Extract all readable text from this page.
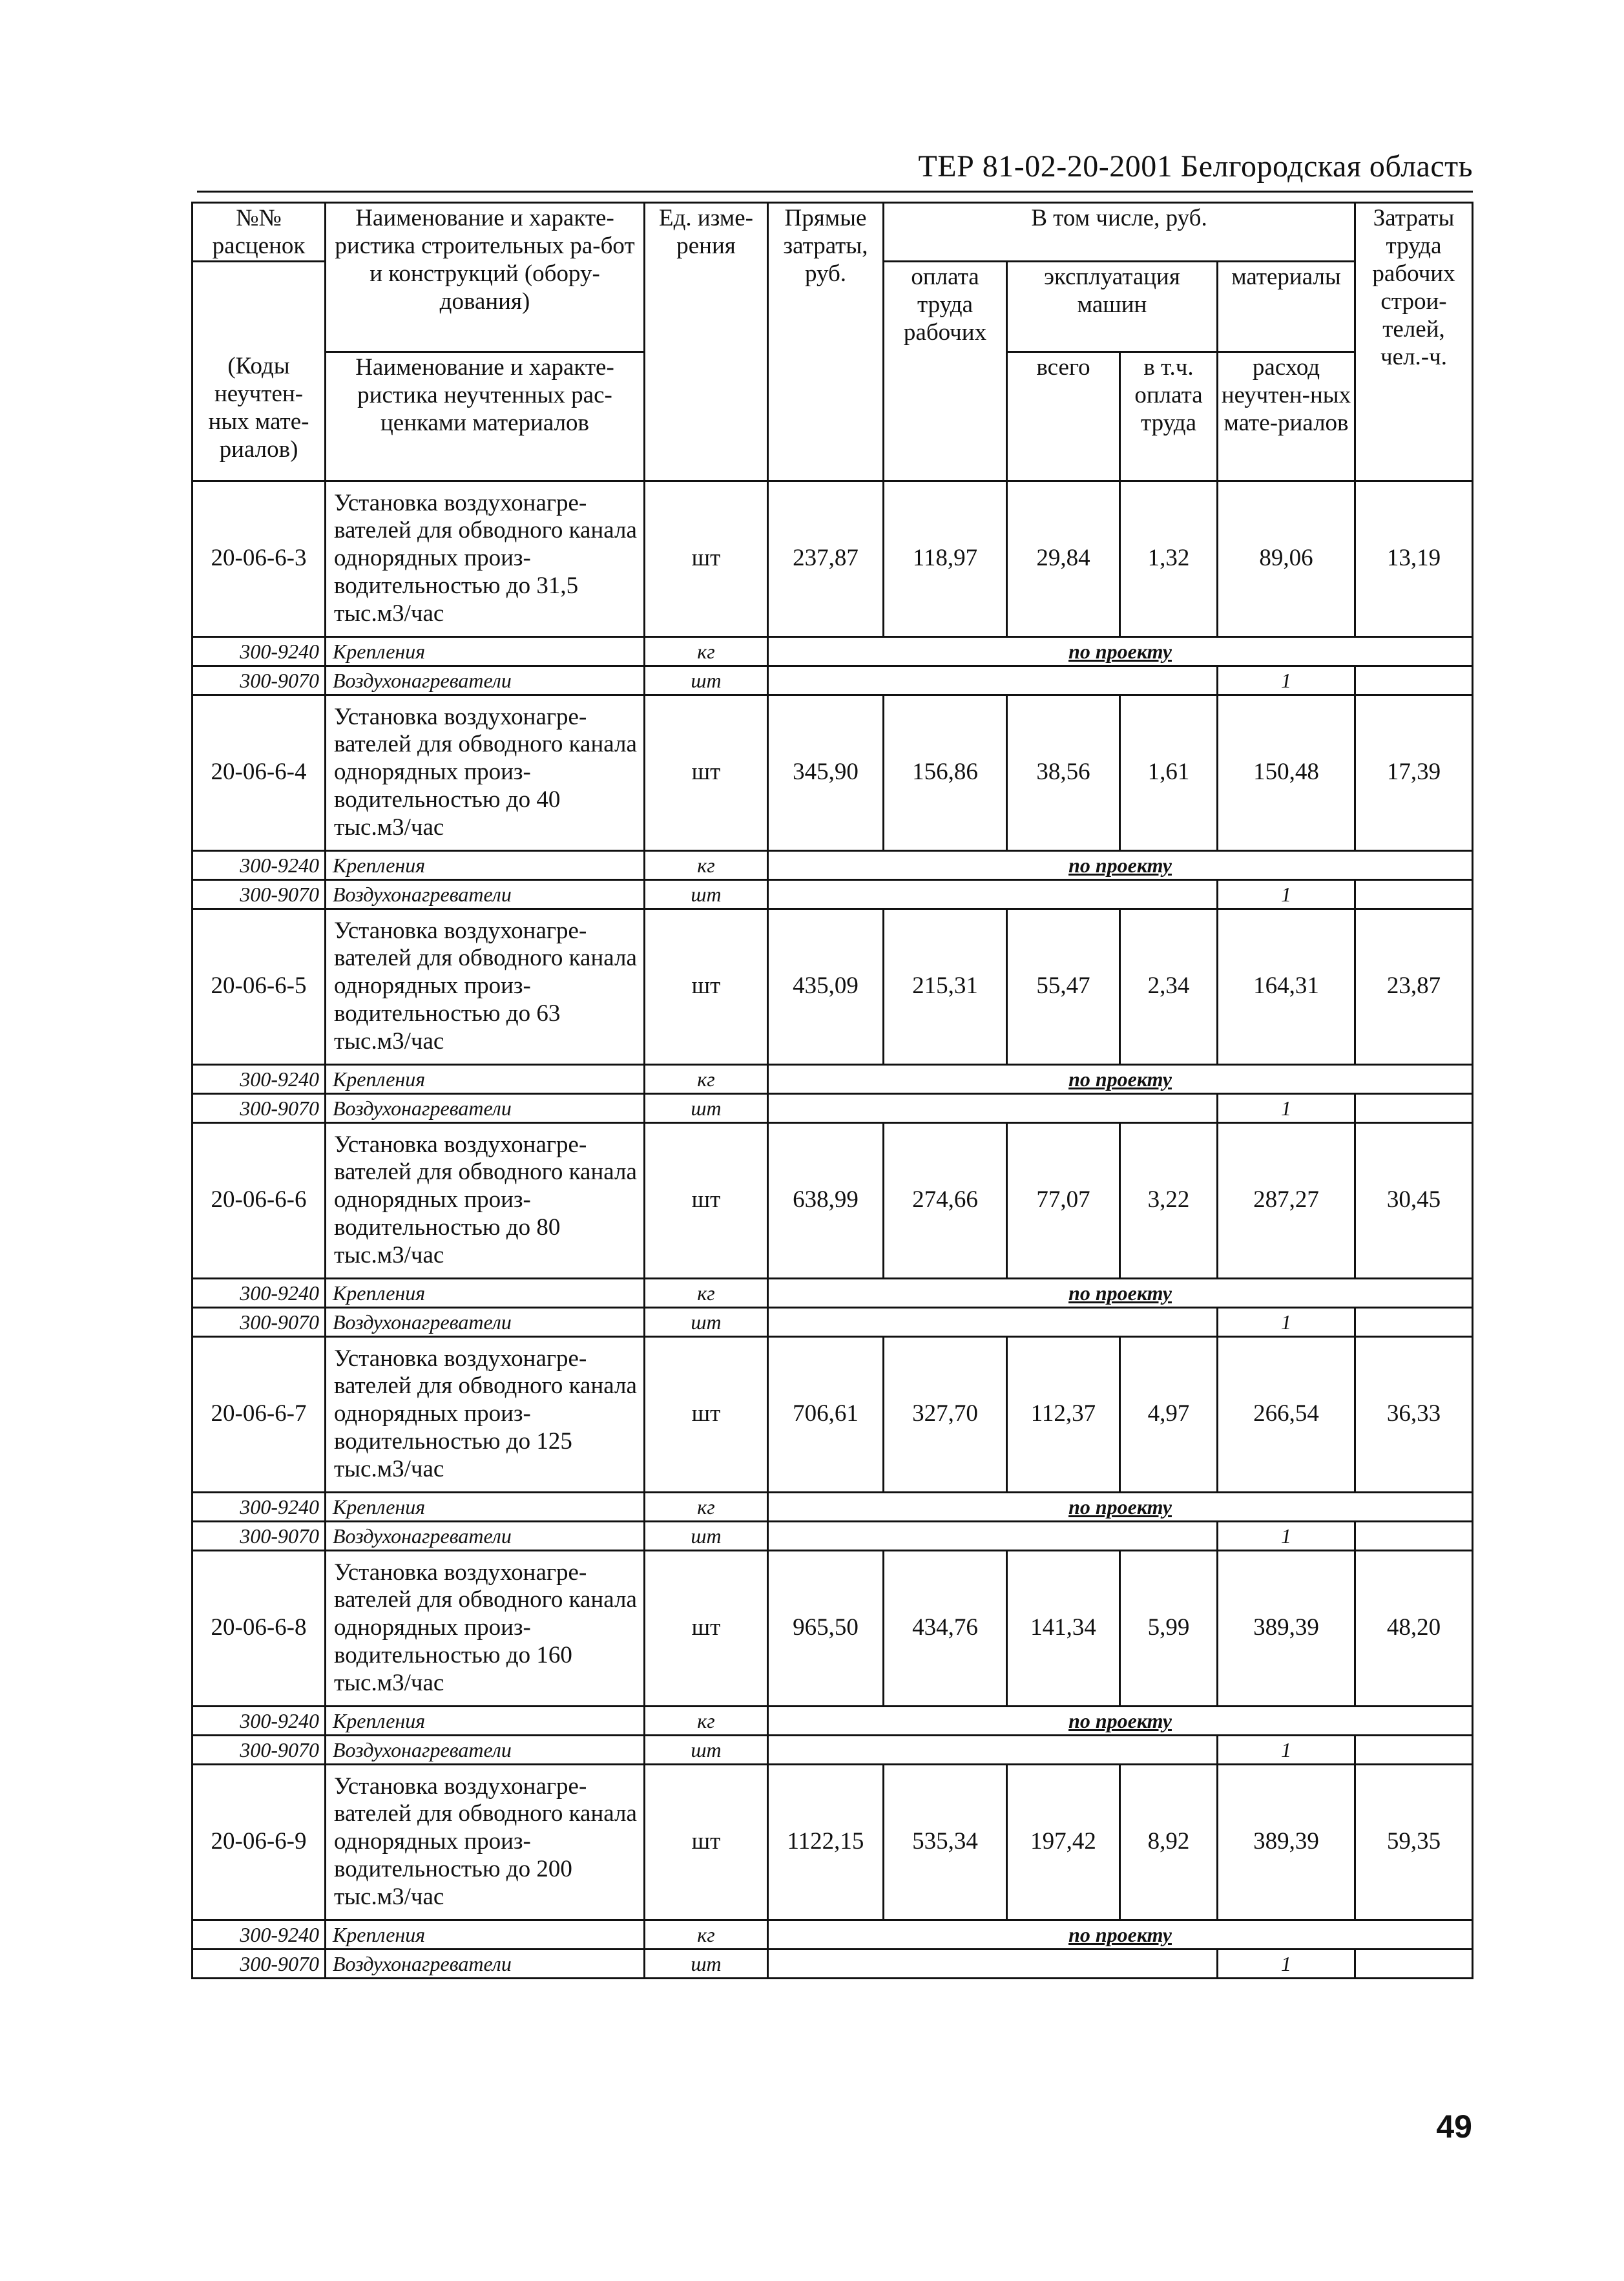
ТЕР 81-02-20-2001 Белгородская область
№№ расценок	Наименование и характе-ристика строительных ра-бот и конструкций (обору-дования)	Ед. изме-рения	Прямые затраты, руб.	В том числе, руб.				Затраты труда рабочих строи-телей, чел.-ч.
				оплата труда рабочих	эксплуатация машин		материалы	
(Коды неучтен-ных мате-риалов)	Наименование и характе-ристика неучтенных рас-ценками материалов				всего	в т.ч. оплата труда	расход неучтен-ных мате-риалов	
20-06-6-3	Установка воздухонагре-вателей для обводного канала однорядных произ-водительностью до 31,5 тыс.м3/час	шт	237,87	118,97	29,84	1,32	89,06	13,19
300-9240	Крепления	кг	по проекту					
300-9070	Воздухонагреватели	шт					1	
20-06-6-4	Установка воздухонагре-вателей для обводного канала однорядных произ-водительностью до 40 тыс.м3/час	шт	345,90	156,86	38,56	1,61	150,48	17,39
300-9240	Крепления	кг	по проекту					
300-9070	Воздухонагреватели	шт					1	
20-06-6-5	Установка воздухонагре-вателей для обводного канала однорядных произ-водительностью до 63 тыс.м3/час	шт	435,09	215,31	55,47	2,34	164,31	23,87
300-9240	Крепления	кг	по проекту					
300-9070	Воздухонагреватели	шт					1	
20-06-6-6	Установка воздухонагре-вателей для обводного канала однорядных произ-водительностью до 80 тыс.м3/час	шт	638,99	274,66	77,07	3,22	287,27	30,45
300-9240	Крепления	кг	по проекту					
300-9070	Воздухонагреватели	шт					1	
20-06-6-7	Установка воздухонагре-вателей для обводного канала однорядных произ-водительностью до 125 тыс.м3/час	шт	706,61	327,70	112,37	4,97	266,54	36,33
300-9240	Крепления	кг	по проекту					
300-9070	Воздухонагреватели	шт					1	
20-06-6-8	Установка воздухонагре-вателей для обводного канала однорядных произ-водительностью до 160 тыс.м3/час	шт	965,50	434,76	141,34	5,99	389,39	48,20
300-9240	Крепления	кг	по проекту					
300-9070	Воздухонагреватели	шт					1	
20-06-6-9	Установка воздухонагре-вателей для обводного канала однорядных произ-водительностью до 200 тыс.м3/час	шт	1122,15	535,34	197,42	8,92	389,39	59,35
300-9240	Крепления	кг	по проекту					
300-9070	Воздухонагреватели	шт					1	
49
